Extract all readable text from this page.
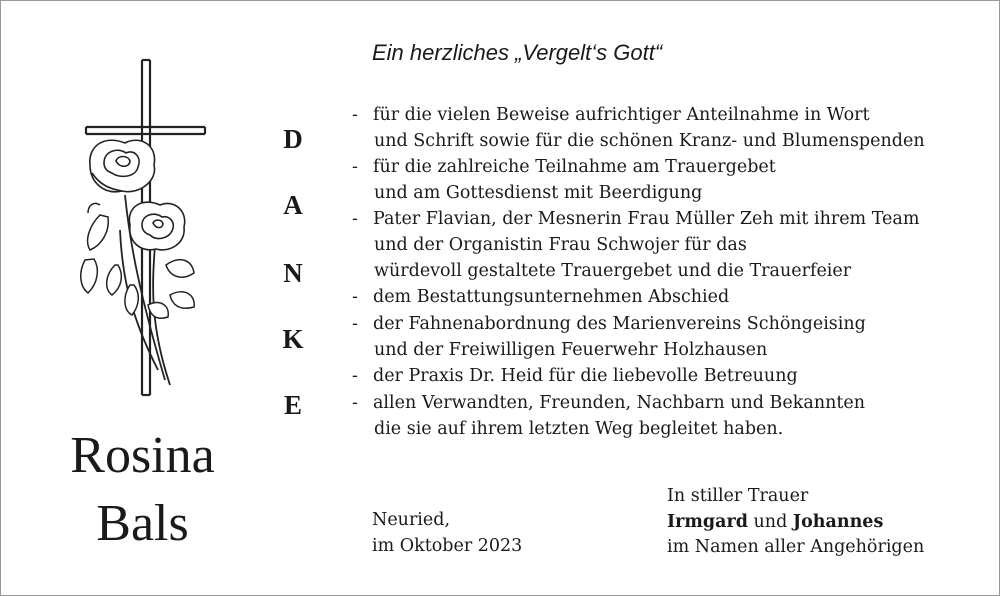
Rosina
Bals
Ein herzliches „Vergelt‘s Gott“
D
A
N
K
E
- für die vielen Beweise aufrichtiger Anteilnahme in Wort
und Schrift sowie für die schönen Kranz- und Blumenspenden
- für die zahlreiche Teilnahme am Trauergebet
und am Gottesdienst mit Beerdigung
- Pater Flavian, der Mesnerin Frau Müller Zeh mit ihrem Team
und der Organistin Frau Schwojer für das
würdevoll gestaltete Trauergebet und die Trauerfeier
- dem Bestattungsunternehmen Abschied
- der Fahnenabordnung des Marienvereins Schöngeising
und der Freiwilligen Feuerwehr Holzhausen
- der Praxis Dr. Heid für die liebevolle Betreuung
- allen Verwandten, Freunden, Nachbarn und Bekannten
die sie auf ihrem letzten Weg begleitet haben.
Neuried,
im Oktober 2023
In stiller Trauer
Irmgard und Johannes
im Namen aller Angehörigen
